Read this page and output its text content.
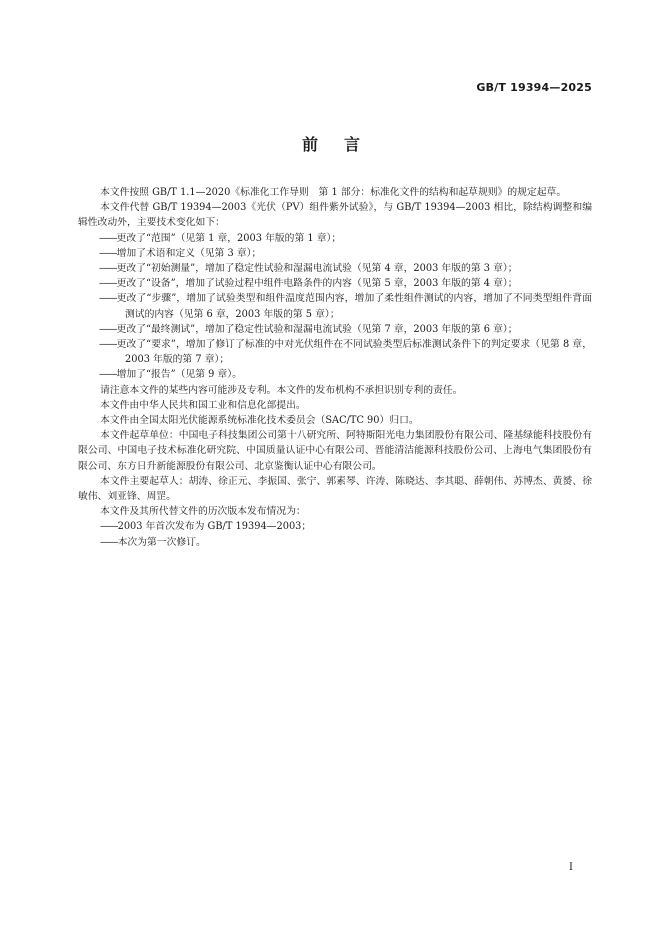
GB/T 19394—2025
前言

本文件按照 GB/T 1.1—2020《标准化工作导则　第 1 部分：标准化文件的结构和起草规则》的规定起草。

本文件代替 GB/T 19394—2003《光伏（PV）组件紫外试验》，与 GB/T 19394—2003 相比，除结构调整和编辑性改动外，主要技术变化如下：

——更改了“范围”（见第 1 章，2003 年版的第 1 章）；

——增加了术语和定义（见第 3 章）；

——更改了“初始测量”，增加了稳定性试验和湿漏电流试验（见第 4 章，2003 年版的第 3 章）；

——更改了“设备”，增加了试验过程中组件电路条件的内容（见第 5 章，2003 年版的第 4 章）；

——更改了“步骤”，增加了试验类型和组件温度范围内容，增加了柔性组件测试的内容，增加了不同类型组件背面测试的内容（见第 6 章，2003 年版的第 5 章）；

——更改了“最终测试”，增加了稳定性试验和湿漏电流试验（见第 7 章，2003 年版的第 6 章）；

——更改了“要求”，增加了修订了标准的中对光伏组件在不同试验类型后标准测试条件下的判定要求（见第 8 章，2003 年版的第 7 章）；

——增加了“报告”（见第 9 章）。

请注意本文件的某些内容可能涉及专利。本文件的发布机构不承担识别专利的责任。

本文件由中华人民共和国工业和信息化部提出。

本文件由全国太阳光伏能源系统标准化技术委员会（SAC/TC 90）归口。

本文件起草单位：中国电子科技集团公司第十八研究所、阿特斯阳光电力集团股份有限公司、隆基绿能科技股份有限公司、中国电子技术标准化研究院、中国质量认证中心有限公司、晋能清洁能源科技股份公司、上海电气集团股份有限公司、东方日升新能源股份有限公司、北京鉴衡认证中心有限公司。

本文件主要起草人：胡涛、徐正元、李振国、张宁、郭素琴、许涛、陈晓达、李其聪、薛朝伟、苏博杰、黄赟、徐敏伟、刘亚锋、周罡。

本文件及其所代替文件的历次版本发布情况为：

——2003 年首次发布为 GB/T 19394—2003；

——本次为第一次修订。

I
